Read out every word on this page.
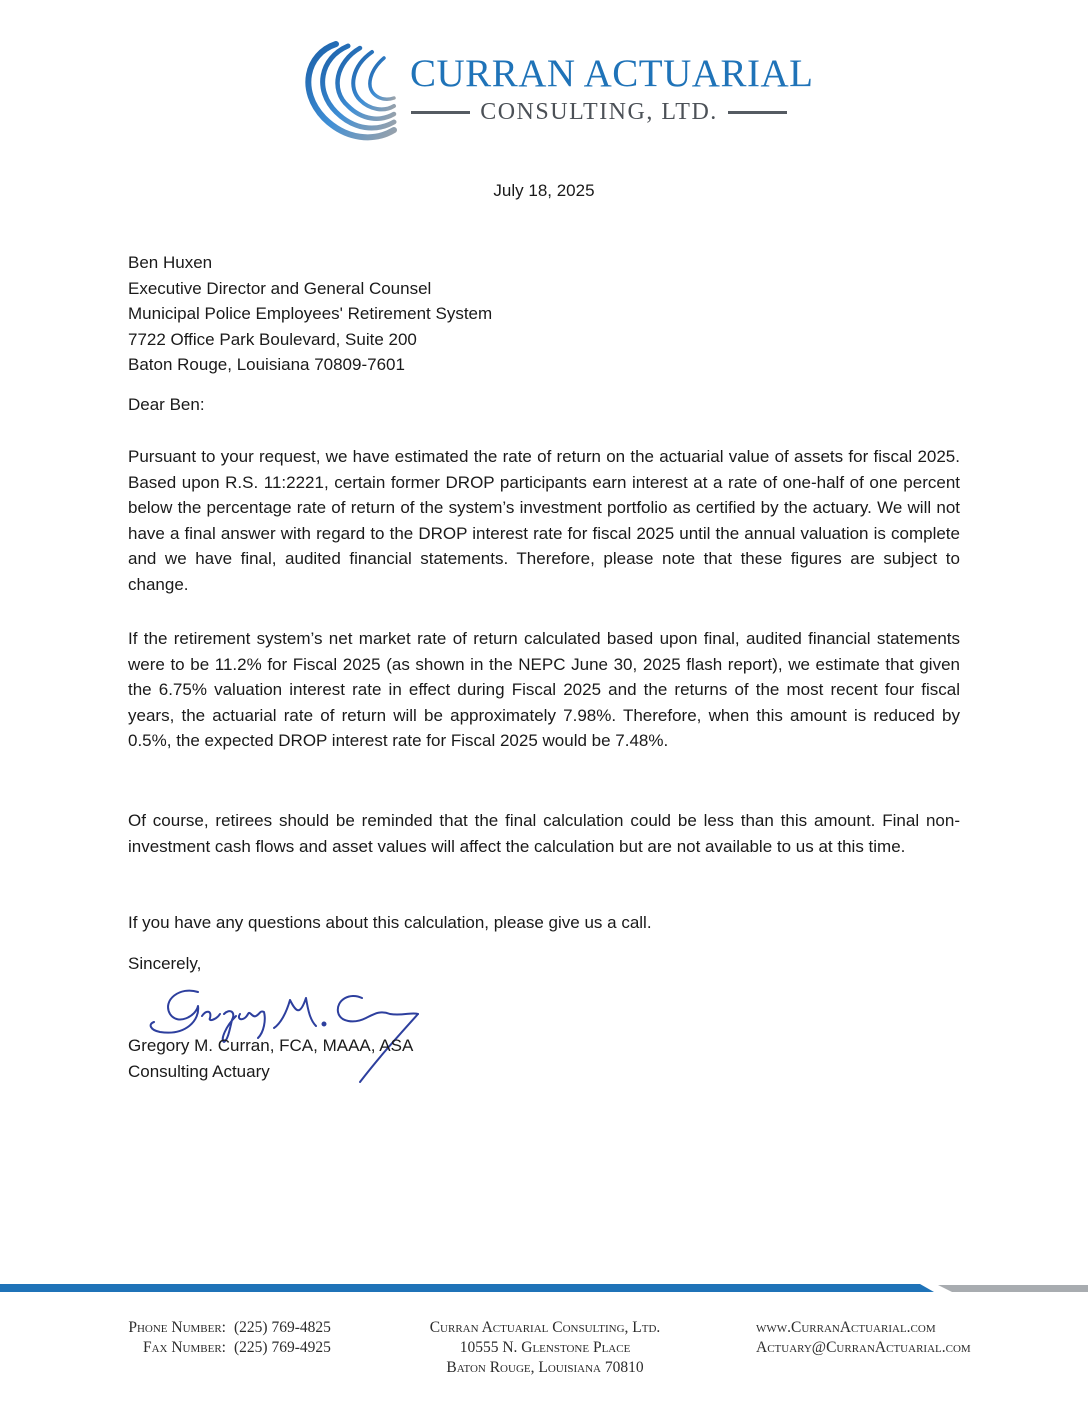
CURRAN ACTUARIAL
CONSULTING, LTD.
July 18, 2025
Ben Huxen
Executive Director and General Counsel
Municipal Police Employees' Retirement System
7722 Office Park Boulevard, Suite 200
Baton Rouge, Louisiana 70809-7601
Dear Ben:
Pursuant to your request, we have estimated the rate of return on the actuarial value of assets for fiscal 2025. Based upon R.S. 11:2221, certain former DROP participants earn interest at a rate of one-half of one percent below the percentage rate of return of the system’s investment portfolio as certified by the actuary. We will not have a final answer with regard to the DROP interest rate for fiscal 2025 until the annual valuation is complete and we have final, audited financial statements. Therefore, please note that these figures are subject to change.
If the retirement system’s net market rate of return calculated based upon final, audited financial statements were to be 11.2% for Fiscal 2025 (as shown in the NEPC June 30, 2025 flash report), we estimate that given the 6.75% valuation interest rate in effect during Fiscal 2025 and the returns of the most recent four fiscal years, the actuarial rate of return will be approximately 7.98%. Therefore, when this amount is reduced by 0.5%, the expected DROP interest rate for Fiscal 2025 would be 7.48%.
Of course, retirees should be reminded that the final calculation could be less than this amount. Final non-investment cash flows and asset values will affect the calculation but are not available to us at this time.
If you have any questions about this calculation, please give us a call.
Sincerely,
Gregory M. Curran, FCA, MAAA, ASA
Consulting Actuary
Phone Number: (225) 769-4825
Fax Number: (225) 769-4925
Curran Actuarial Consulting, Ltd.
10555 N. Glenstone Place
Baton Rouge, Louisiana 70810
www.CurranActuarial.com
Actuary@CurranActuarial.com
